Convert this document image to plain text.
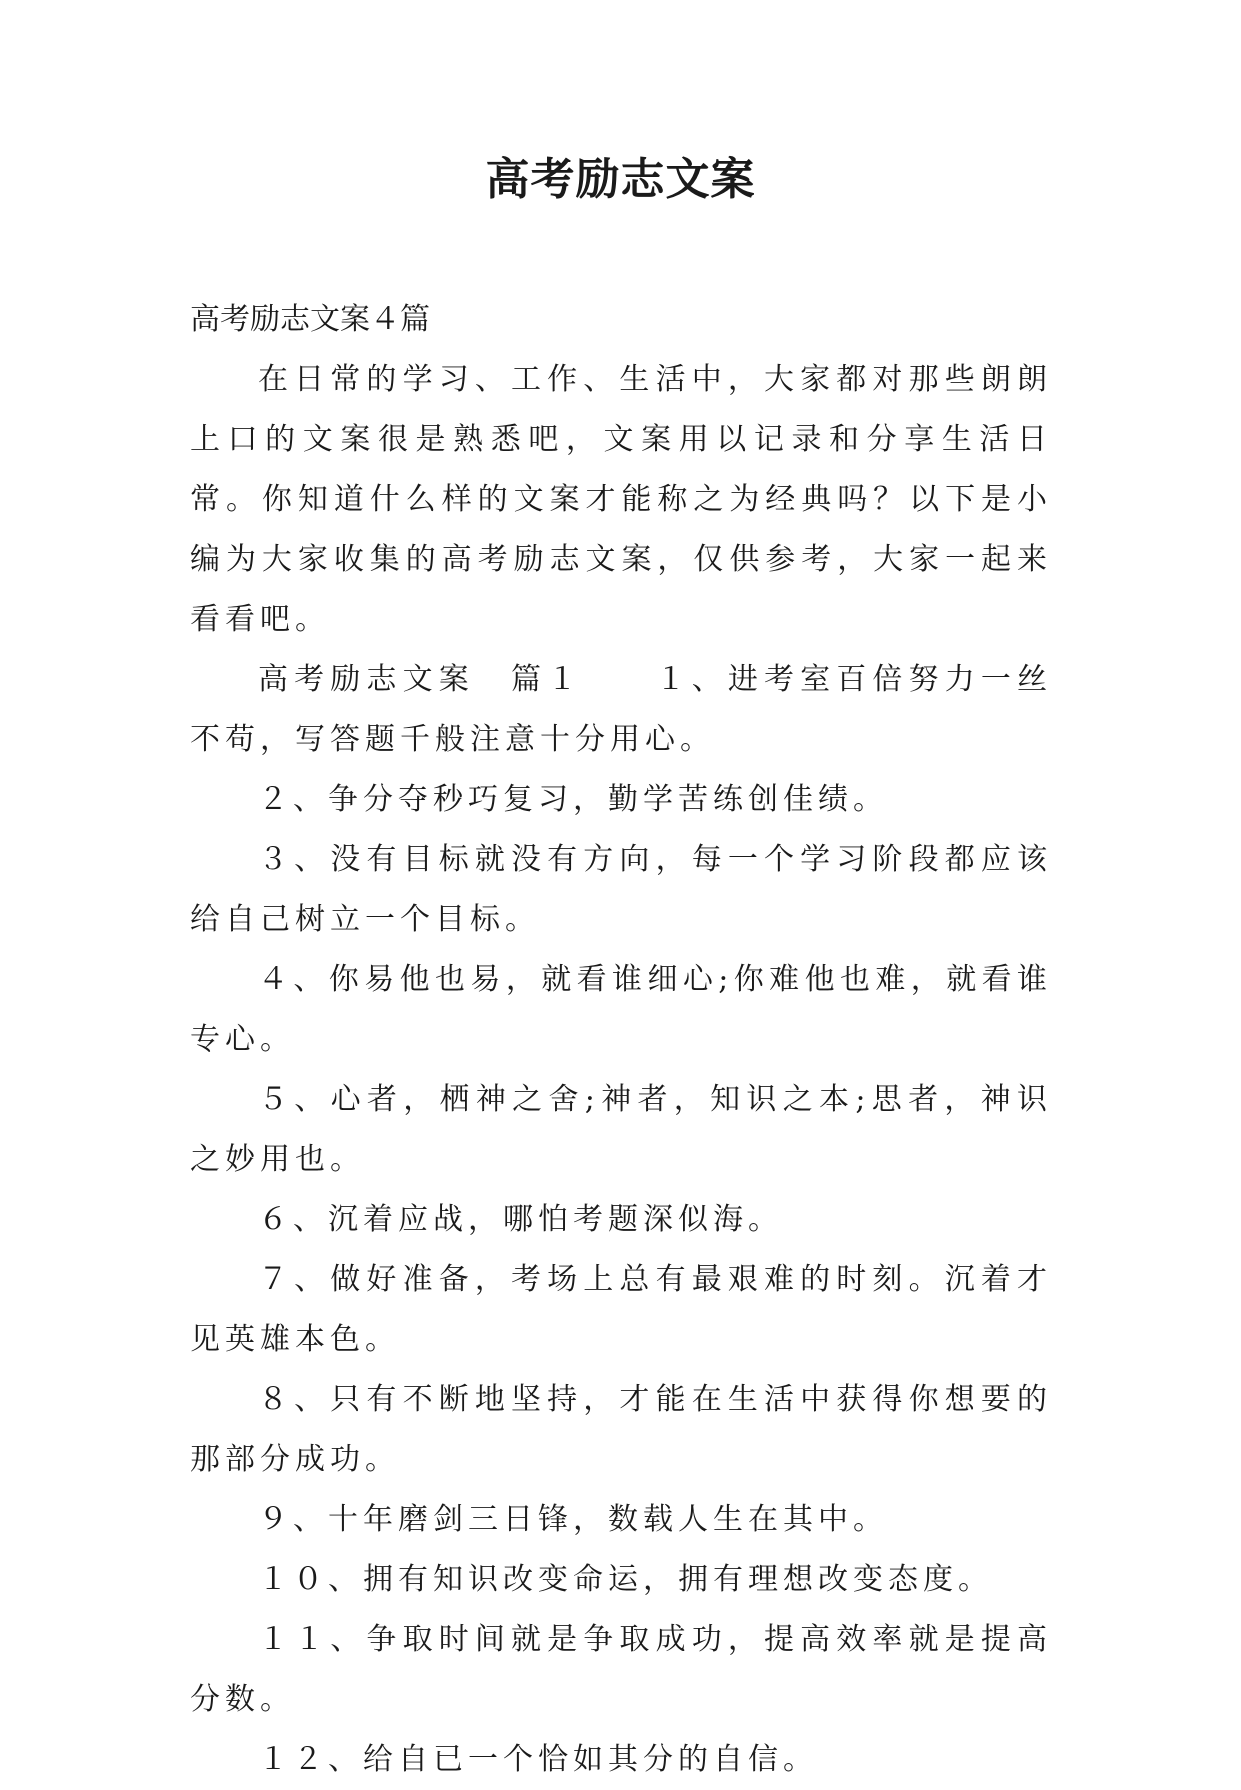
高考励志文案

高考励志文案４篇

在日常的学习、工作、生活中，大家都对那些朗朗上口的文案很是熟悉吧，文案用以记录和分享生活日常。你知道什么样的文案才能称之为经典吗？以下是小编为大家收集的高考励志文案，仅供参考，大家一起来看看吧。

高考励志文案　篇１　　１、进考室百倍努力一丝不苟，写答题千般注意十分用心。

２、争分夺秒巧复习，勤学苦练创佳绩。

３、没有目标就没有方向，每一个学习阶段都应该给自己树立一个目标。

４、你易他也易，就看谁细心;你难他也难，就看谁专心。

５、心者，栖神之舍;神者，知识之本;思者，神识之妙用也。

６、沉着应战，哪怕考题深似海。

７、做好准备，考场上总有最艰难的时刻。沉着才见英雄本色。

８、只有不断地坚持，才能在生活中获得你想要的那部分成功。

９、十年磨剑三日锋，数载人生在其中。

１０、拥有知识改变命运，拥有理想改变态度。

１１、争取时间就是争取成功，提高效率就是提高分数。

１２、给自已一个恰如其分的自信。
